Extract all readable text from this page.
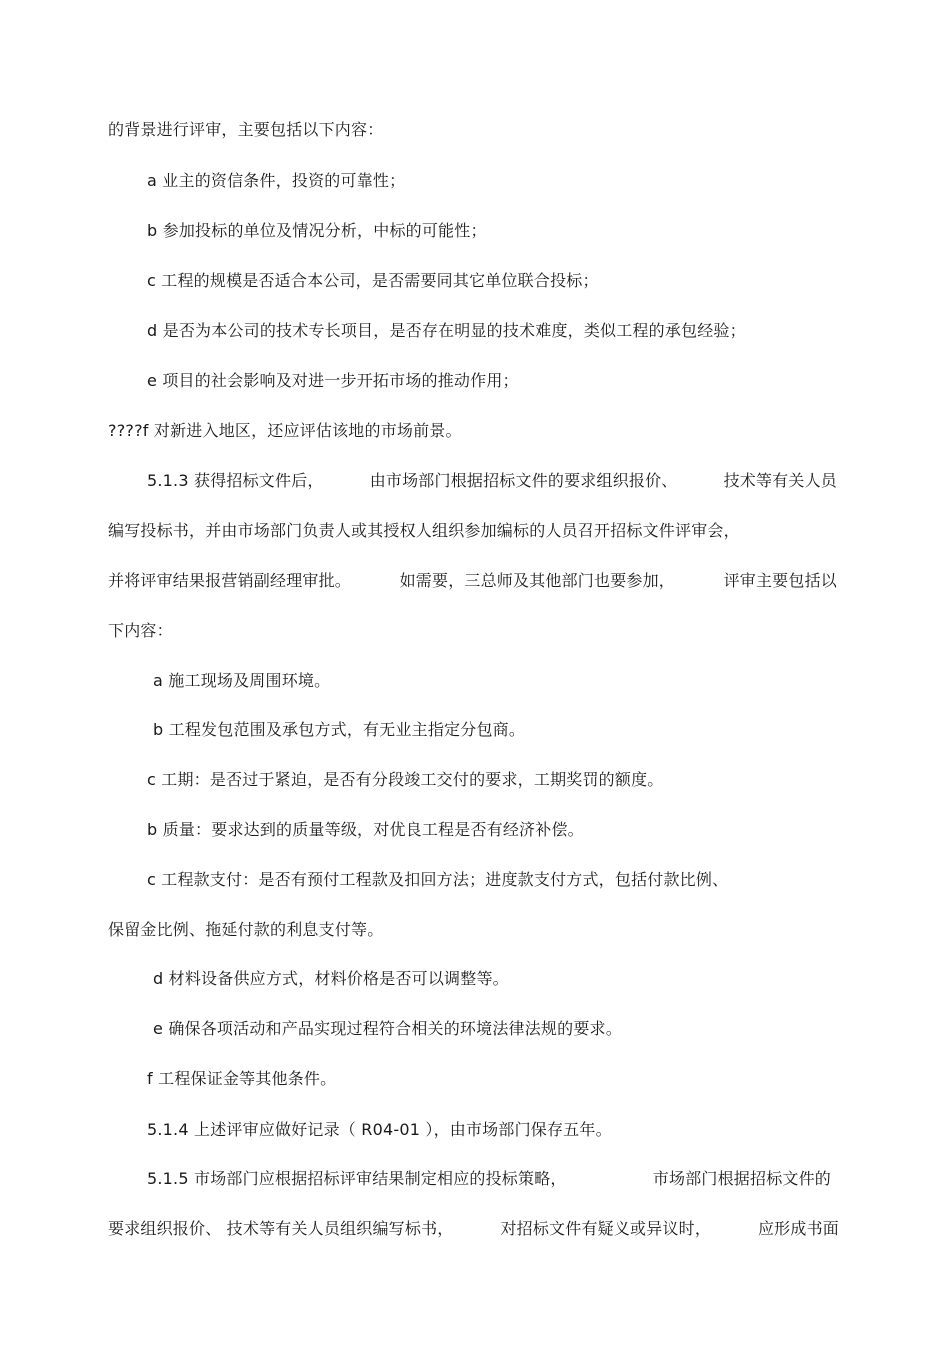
的背景进行评审，主要包括以下内容：
a 业主的资信条件，投资的可靠性；
b 参加投标的单位及情况分析，中标的可能性；
c 工程的规模是否适合本公司，是否需要同其它单位联合投标；
d 是否为本公司的技术专长项目，是否存在明显的技术难度，类似工程的承包经验；
e 项目的社会影响及对进一步开拓市场的推动作用；
????f 对新进入地区，还应评估该地的市场前景。
5.1.3 获得招标文件后，	由市场部门根据招标文件的要求组织报价、	技术等有关人员
编写投标书，并由市场部门负责人或其授权人组织参加编标的人员召开招标文件评审会，
并将评审结果报营销副经理审批。	如需要，三总师及其他部门也要参加，	评审主要包括以
下内容：
a 施工现场及周围环境。
b 工程发包范围及承包方式，有无业主指定分包商。
c 工期：是否过于紧迫，是否有分段竣工交付的要求，工期奖罚的额度。
b 质量：要求达到的质量等级，对优良工程是否有经济补偿。
c 工程款支付：是否有预付工程款及扣回方法；进度款支付方式，包括付款比例、
保留金比例、拖延付款的利息支付等。
d 材料设备供应方式，材料价格是否可以调整等。
e 确保各项活动和产品实现过程符合相关的环境法律法规的要求。
f 工程保证金等其他条件。
5.1.4 上述评审应做好记录（ R04-01 ），由市场部门保存五年。
5.1.5 市场部门应根据招标评审结果制定相应的投标策略，	市场部门根据招标文件的
要求组织报价、 技术等有关人员组织编写标书，	对招标文件有疑义或异议时，	应形成书面
